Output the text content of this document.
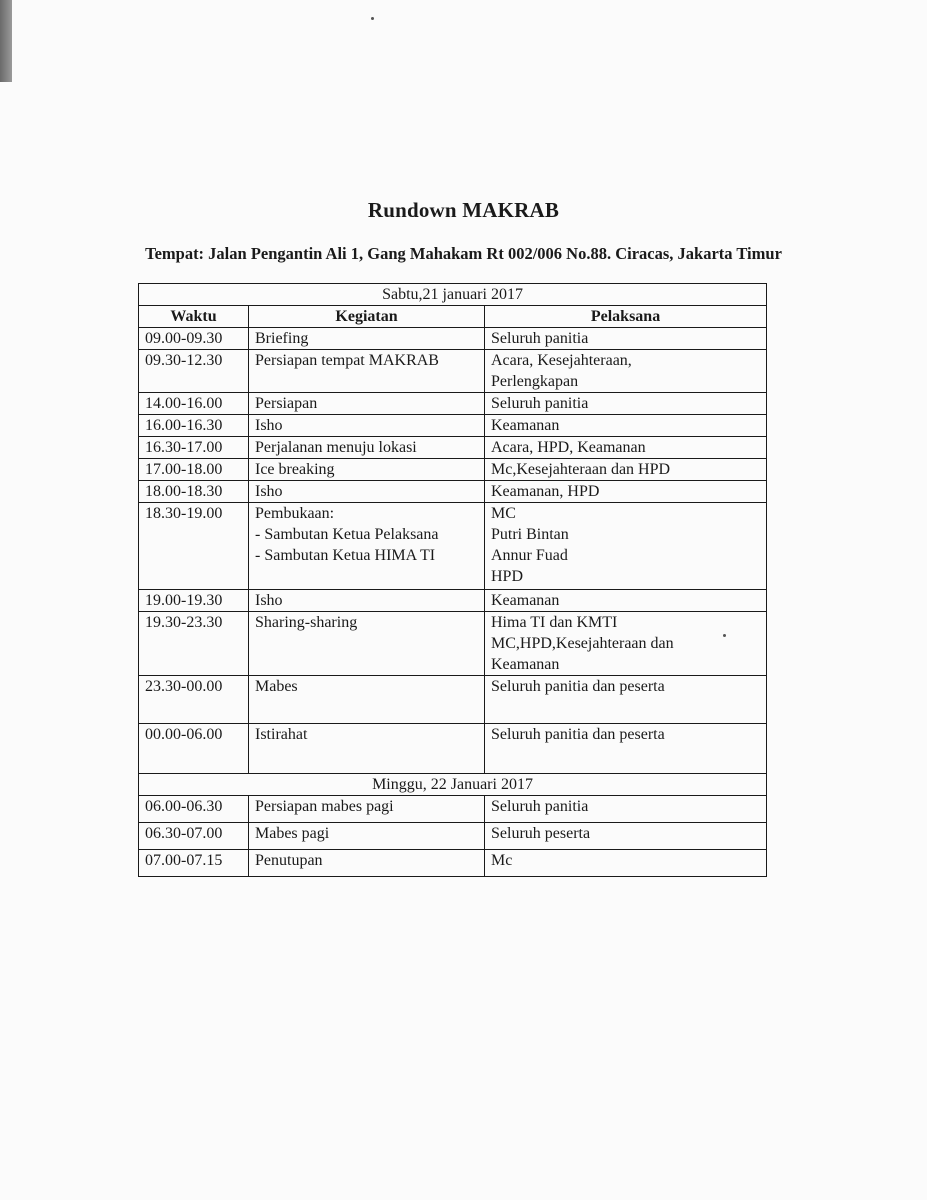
Rundown MAKRAB
Tempat: Jalan Pengantin Ali 1, Gang Mahakam Rt 002/006 No.88. Ciracas, Jakarta Timur
Sabtu,21 januari 2017		
Waktu	Kegiatan	Pelaksana
09.00-09.30	Briefing	Seluruh panitia

09.30-12.30	Persiapan tempat MAKRAB	Acara, Kesejahteraan,
Perlengkapan

14.00-16.00	Persiapan	Seluruh panitia

16.00-16.30	Isho	Keamanan

16.30-17.00	Perjalanan menuju lokasi	Acara, HPD, Keamanan

17.00-18.00	Ice breaking	Mc,Kesejahteraan dan HPD

18.00-18.30	Isho	Keamanan, HPD

18.30-19.00	Pembukaan:
- Sambutan Ketua Pelaksana
- Sambutan Ketua HIMA TI	MC
Putri Bintan
Annur Fuad
HPD

19.00-19.30	Isho	Keamanan

19.30-23.30	Sharing-sharing	Hima TI dan KMTI
MC,HPD,Kesejahteraan dan
Keamanan

23.30-00.00	Mabes	Seluruh panitia dan peserta

00.00-06.00	Istirahat	Seluruh panitia dan peserta

Minggu, 22 Januari 2017		
06.00-06.30	Persiapan mabes pagi	Seluruh panitia

06.30-07.00	Mabes pagi	Seluruh peserta

07.00-07.15	Penutupan	Mc
